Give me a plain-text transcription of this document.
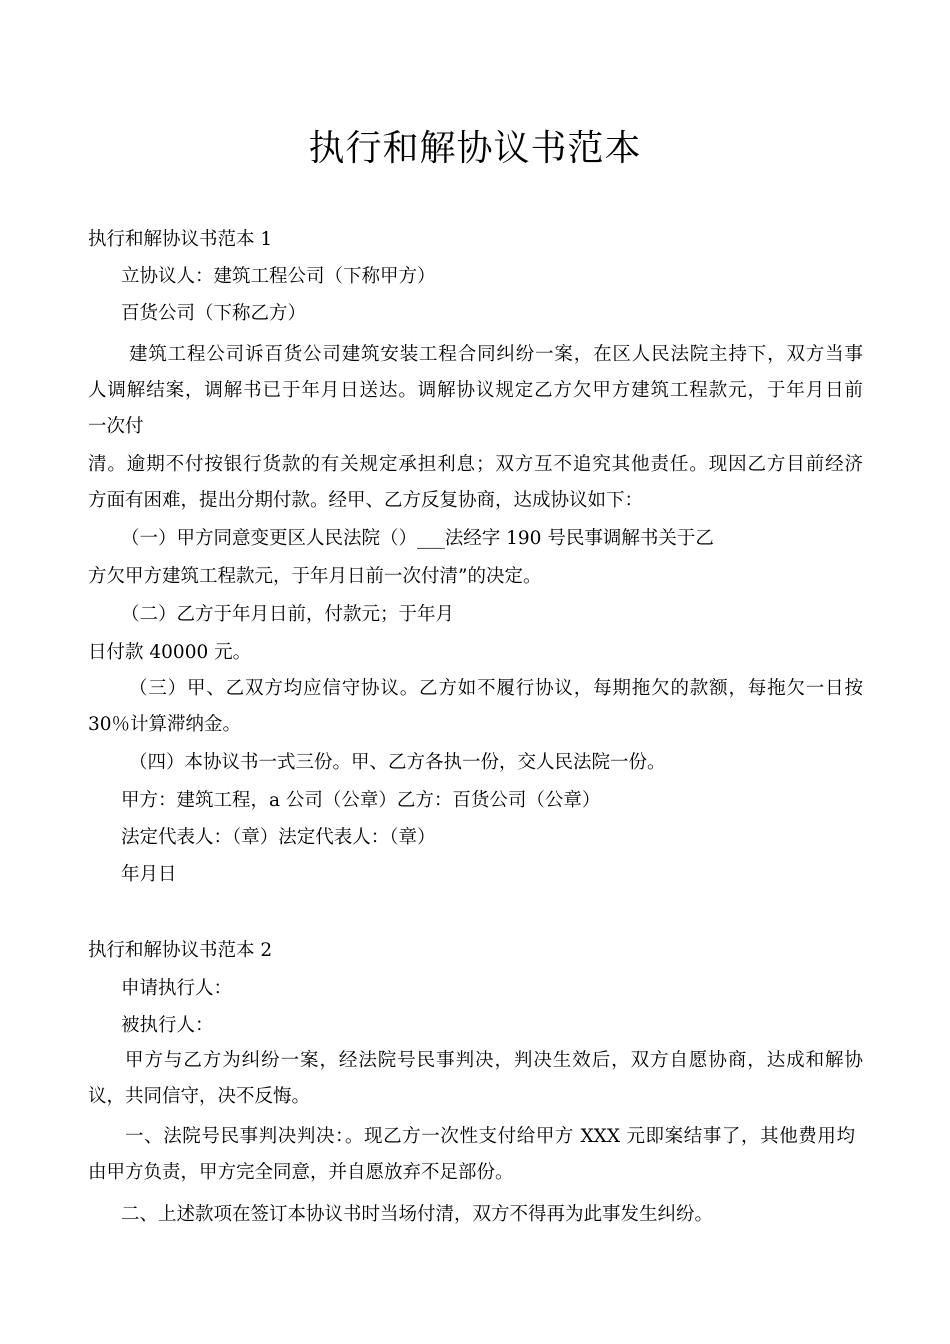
执行和解协议书范本
执行和解协议书范本 1
立协议人：建筑工程公司（下称甲方）
百货公司（下称乙方）
建筑工程公司诉百货公司建筑安装工程合同纠纷一案，在区人民法院主持下，双方当事
人调解结案，调解书已于年月日送达。调解协议规定乙方欠甲方建筑工程款元，于年月日前
一次付
清。逾期不付按银行货款的有关规定承担利息；双方互不追究其他责任。现因乙方目前经济
方面有困难，提出分期付款。经甲、乙方反复协商，达成协议如下：
（一）甲方同意变更区人民法院（）___法经字 190 号民事调解书关于乙
方欠甲方建筑工程款元，于年月日前一次付清”的决定。
（二）乙方于年月日前，付款元；于年月
日付款 40000 元。
（三）甲、乙双方均应信守协议。乙方如不履行协议，每期拖欠的款额，每拖欠一日按
30％计算滞纳金。
（四）本协议书一式三份。甲、乙方各执一份，交人民法院一份。
甲方：建筑工程，a 公司（公章）乙方：百货公司（公章）
法定代表人：（章）法定代表人：（章）
年月日
执行和解协议书范本 2
申请执行人：
被执行人：
甲方与乙方为纠纷一案，经法院号民事判决，判决生效后，双方自愿协商，达成和解协
议，共同信守，决不反悔。
一、法院号民事判决判决：。现乙方一次性支付给甲方 XXX 元即案结事了，其他费用均
由甲方负责，甲方完全同意，并自愿放弃不足部份。
二、上述款项在签订本协议书时当场付清，双方不得再为此事发生纠纷。
